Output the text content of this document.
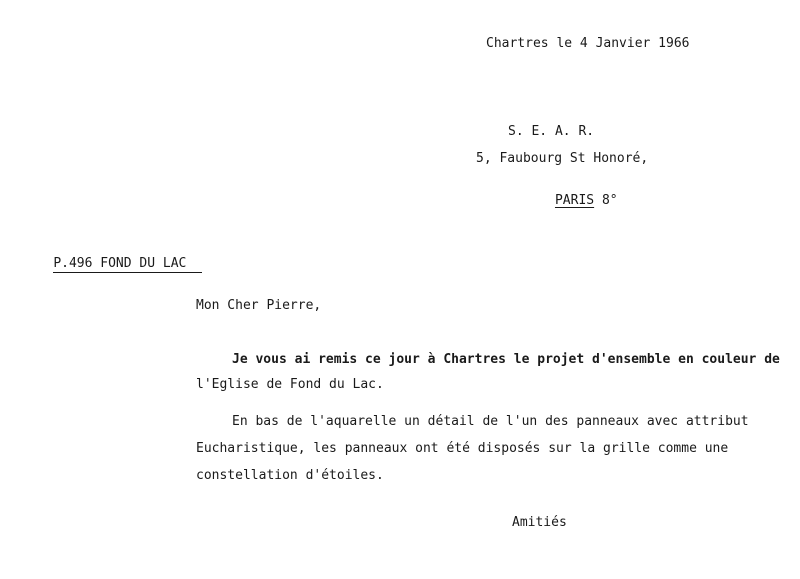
Chartres le 4 Janvier 1966
S. E. A. R.
5, Faubourg St Honoré,

PARIS 8°

P.496 FOND DU LAC

Mon Cher Pierre,
Je vous ai remis ce jour à Chartres le projet d'ensemble en couleur de
l'Eglise de Fond du Lac.
En bas de l'aquarelle un détail de l'un des panneaux avec attribut
Eucharistique, les panneaux ont été disposés sur la grille comme une
constellation d'étoiles.
Amitiés
